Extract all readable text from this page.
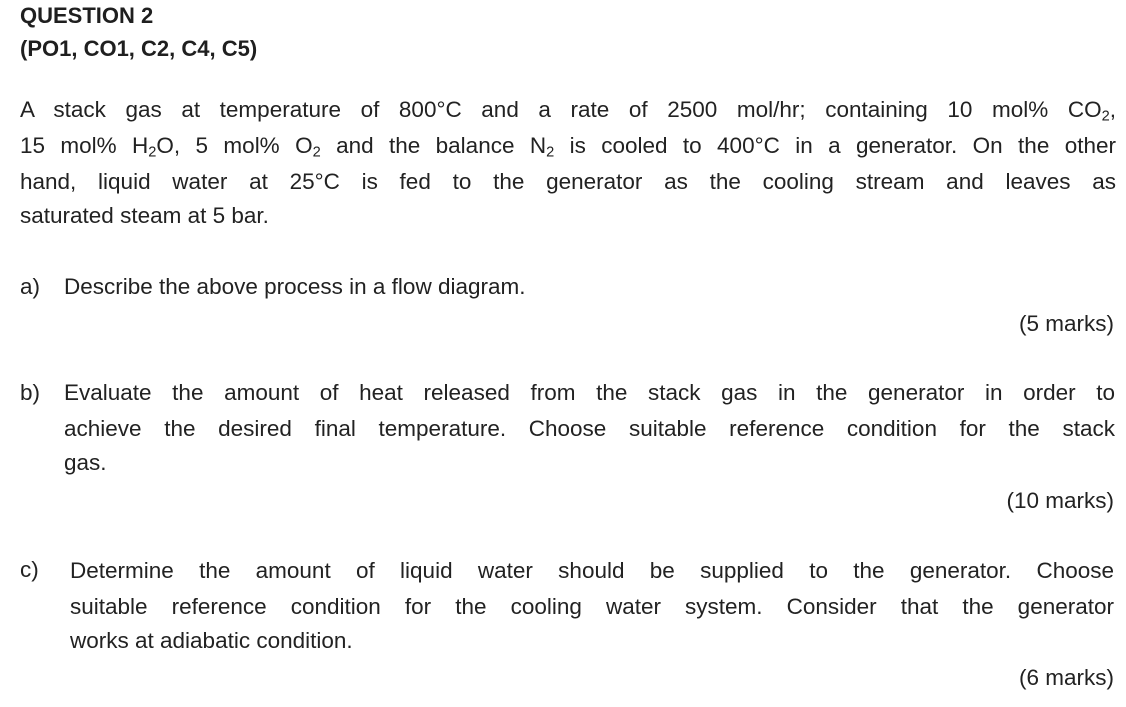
QUESTION 2
(PO1, CO1, C2, C4, C5)
A stack gas at temperature of 800°C and a rate of 2500 mol/hr; containing 10 mol% $CO_2$,
15 mol% $H_2O$, 5 mol% $O_2$ and the balance $N_2$ is cooled to 400°C in a generator. On the other
hand, liquid water at 25°C is fed to the generator as the cooling stream and leaves as
saturated steam at 5 bar.
a) Describe the above process in a flow diagram.
(5 marks)
b) Evaluate the amount of heat released from the stack gas in the generator in order to
achieve the desired final temperature. Choose suitable reference condition for the stack
gas.
(10 marks)
c) Determine the amount of liquid water should be supplied to the generator. Choose
suitable reference condition for the cooling water system. Consider that the generator
works at adiabatic condition.
(6 marks)
